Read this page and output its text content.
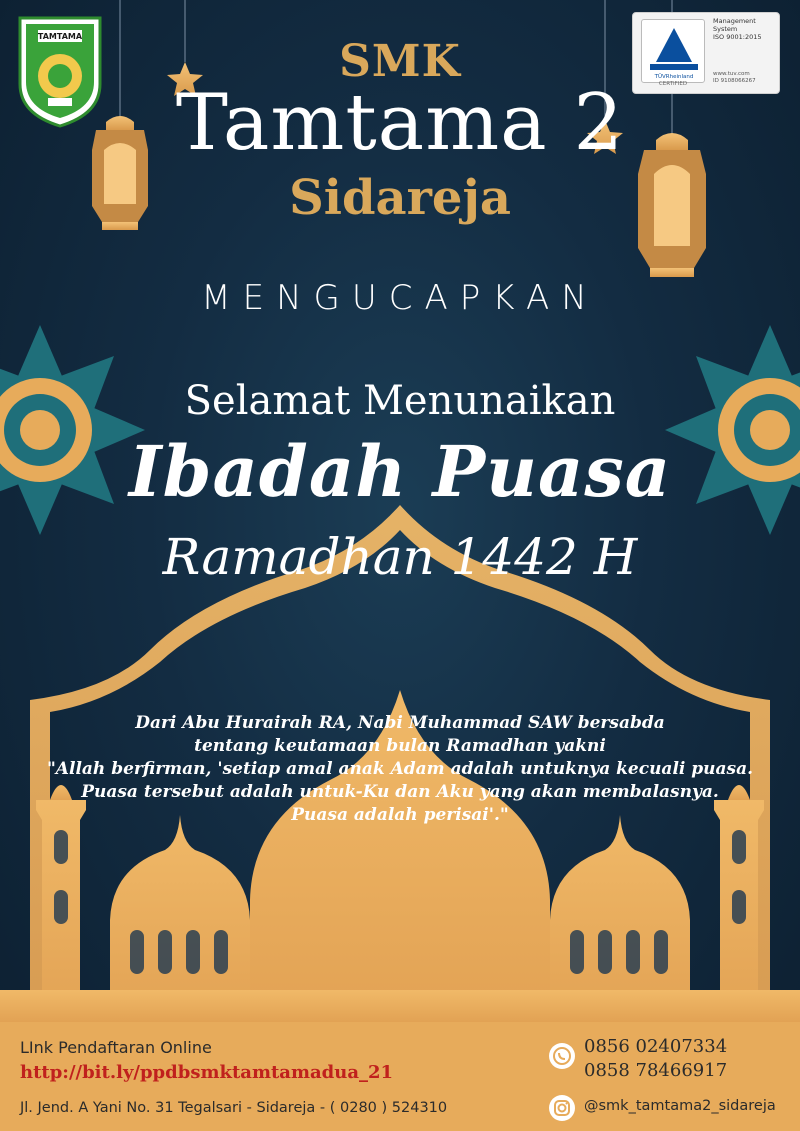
TAMTAMA
TÜVRheinland
Management
System
ISO 9001:2015
www.tuv.com
ID 9108066267
CERTIFIED
SMK
Tamtama 2
Sidareja
MENGUCAPKAN
Selamat Menunaikan
Ibadah Puasa
Ramadhan 1442 H
Dari Abu Hurairah RA, Nabi Muhammad SAW bersabda
tentang keutamaan bulan Ramadhan yakni
"Allah berfirman, 'setiap amal anak Adam adalah untuknya kecuali puasa.
Puasa tersebut adalah untuk-Ku dan Aku yang akan membalasnya.
Puasa adalah perisai'."
LInk Pendaftaran Online
http://bit.ly/ppdbsmktamtamadua_21
Jl. Jend. A Yani No. 31 Tegalsari - Sidareja - ( 0280 ) 524310
0856 02407334
0858 78466917
@smk_tamtama2_sidareja
